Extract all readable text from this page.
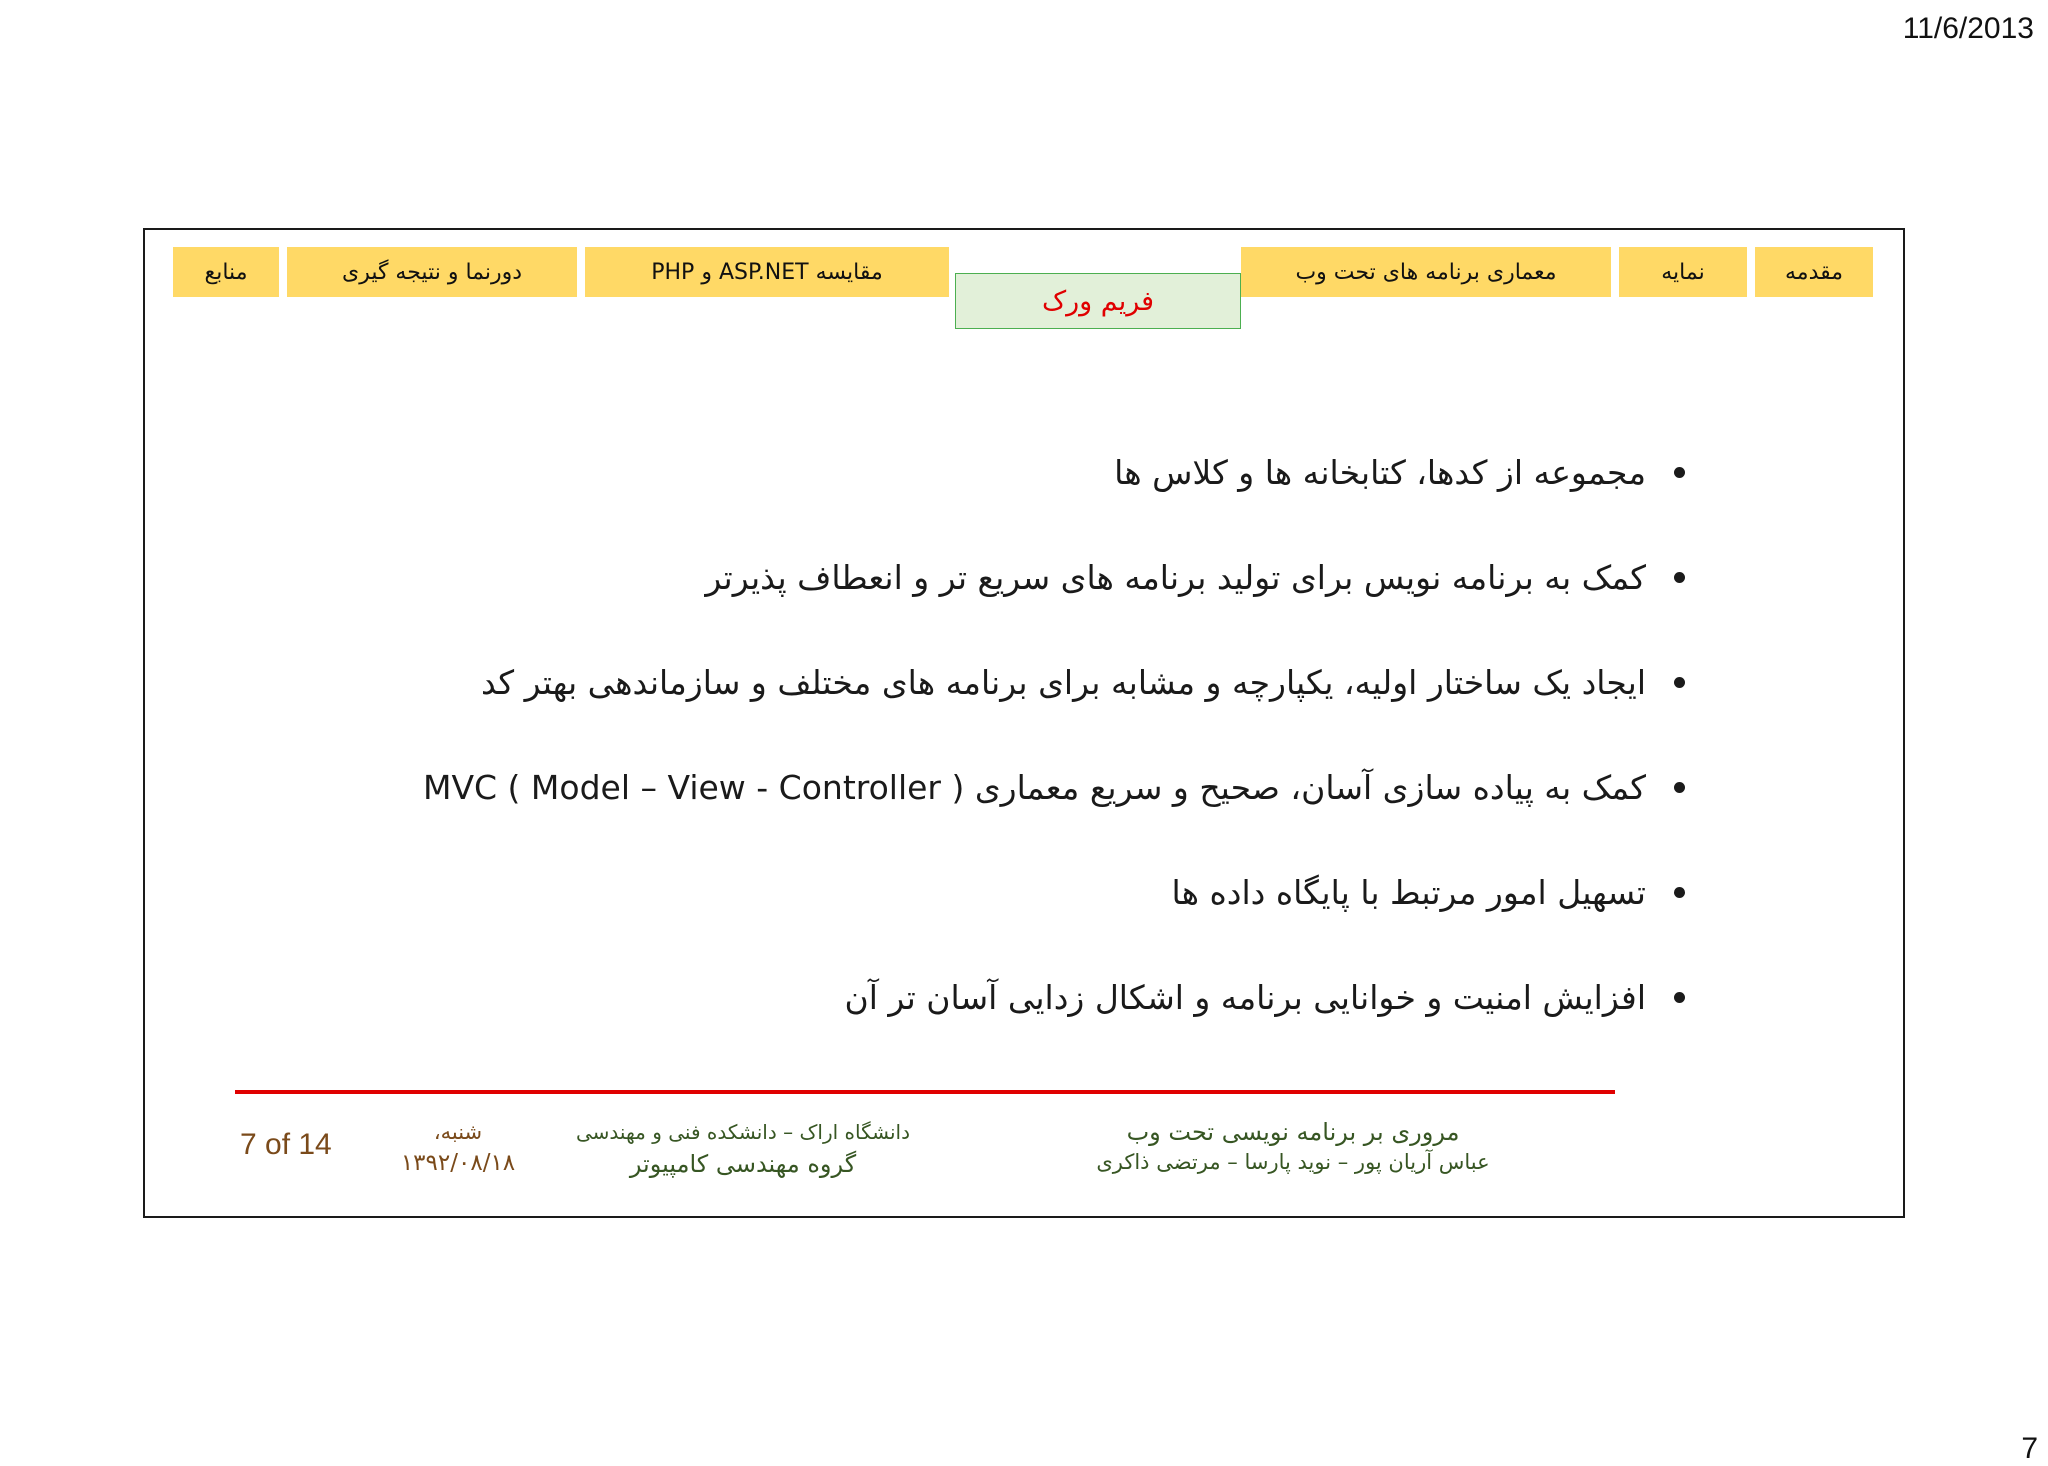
11/6/2013
مقدمه
نمایه
معماری برنامه های تحت وب
فریم ورک
مقایسه ASP.NET و PHP
دورنما و نتیجه گیری
منابع
مجموعه از کدها، کتابخانه ها و کلاس ها
کمک به برنامه نویس برای تولید برنامه های سریع تر و انعطاف پذیرتر
ایجاد یک ساختار اولیه، یکپارچه و مشابه برای برنامه های مختلف و سازماندهی بهتر کد
کمک به پیاده سازی آسان، صحیح و سریع معماری MVC ( Model – View - Controller )
تسهیل امور مرتبط با پایگاه داده ها
افزایش امنیت و خوانایی برنامه و اشکال زدایی آسان تر آن
مروری بر برنامه نویسی تحت وب
عباس آریان پور – نوید پارسا – مرتضی ذاکری
دانشگاه اراک – دانشکده فنی و مهندسی
گروه مهندسی کامپیوتر
شنبه،
۱۳۹۲/۰۸/۱۸
7 of 14
7
